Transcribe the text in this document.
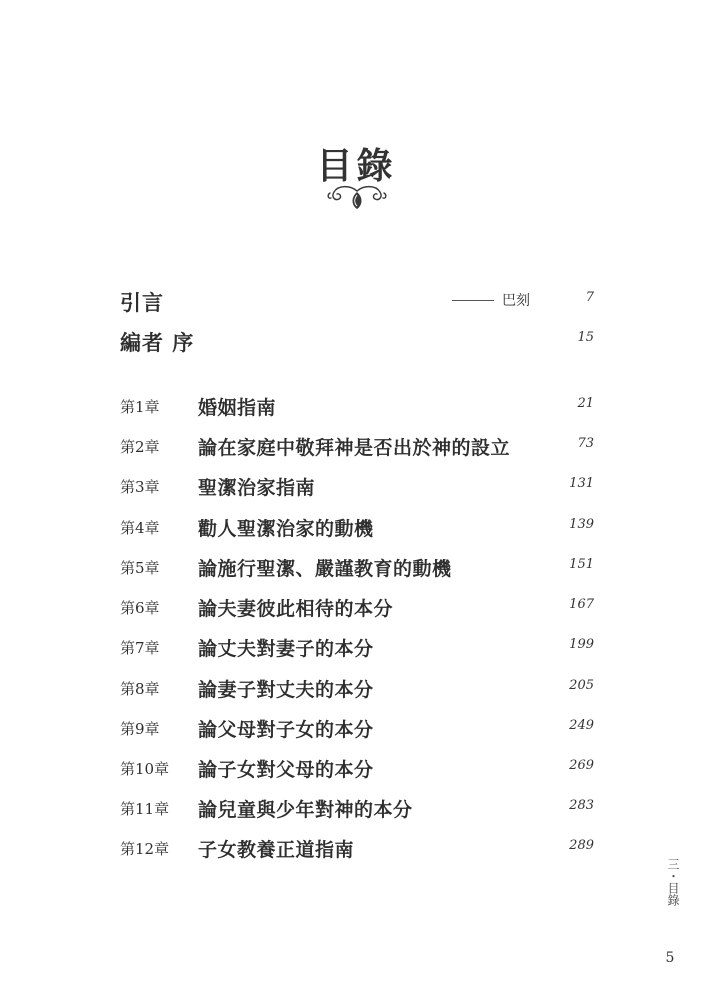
目錄
引言	巴刻	7
編者 序	15
第1章 婚姻指南	21
第2章 論在家庭中敬拜神是否出於神的設立	73
第3章 聖潔治家指南	131
第4章 勸人聖潔治家的動機	139
第5章 論施行聖潔、嚴謹教育的動機	151
第6章 論夫妻彼此相待的本分	167
第7章 論丈夫對妻子的本分	199
第8章 論妻子對丈夫的本分	205
第9章 論父母對子女的本分	249
第10章 論子女對父母的本分	269
第11章 論兒童與少年對神的本分	283
第12章 子女教養正道指南	289
三・目錄
5
